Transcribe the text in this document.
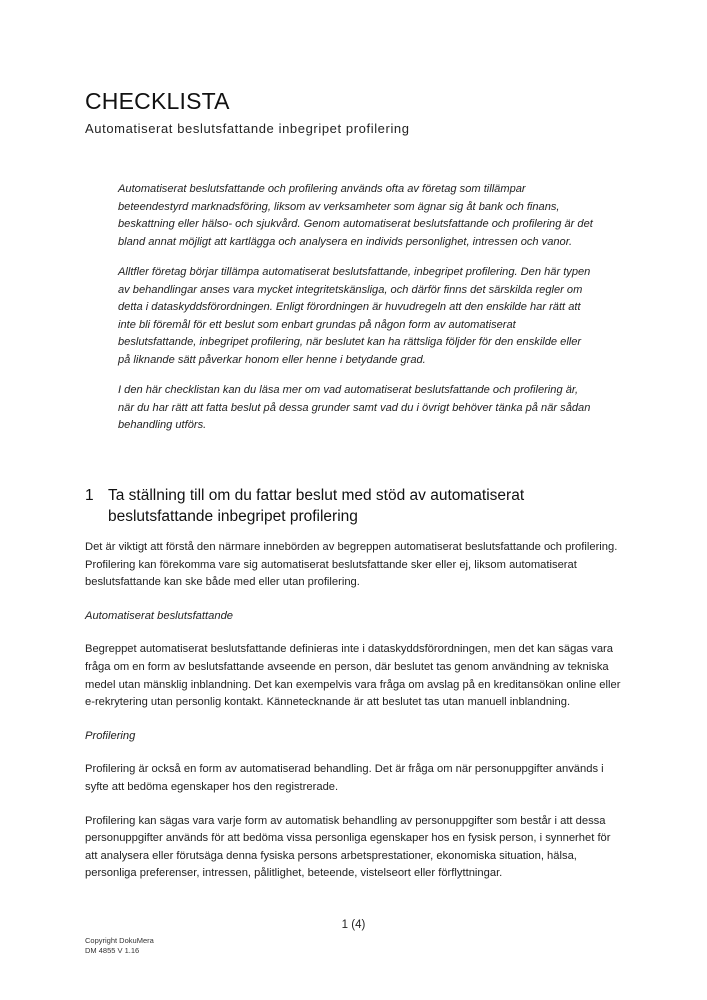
CHECKLISTA
Automatiserat beslutsfattande inbegripet profilering

Automatiserat beslutsfattande och profilering används ofta av företag som tillämpar beteendestyrd marknadsföring, liksom av verksamheter som ägnar sig åt bank och finans, beskattning eller hälso- och sjukvård. Genom automatiserat beslutsfattande och profilering är det bland annat möjligt att kartlägga och analysera en individs personlighet, intressen och vanor.

Alltfler företag börjar tillämpa automatiserat beslutsfattande, inbegripet profilering. Den här typen av behandlingar anses vara mycket integritetskänsliga, och därför finns det särskilda regler om detta i dataskyddsförordningen. Enligt förordningen är huvudregeln att den enskilde har rätt att inte bli föremål för ett beslut som enbart grundas på någon form av automatiserat beslutsfattande, inbegripet profilering, när beslutet kan ha rättsliga följder för den enskilde eller på liknande sätt påverkar honom eller henne i betydande grad.

I den här checklistan kan du läsa mer om vad automatiserat beslutsfattande och profilering är, när du har rätt att fatta beslut på dessa grunder samt vad du i övrigt behöver tänka på när sådan behandling utförs.

1 Ta ställning till om du fattar beslut med stöd av automatiserat beslutsfattande inbegripet profilering

Det är viktigt att förstå den närmare innebörden av begreppen automatiserat beslutsfattande och profilering. Profilering kan förekomma vare sig automatiserat beslutsfattande sker eller ej, liksom automatiserat beslutsfattande kan ske både med eller utan profilering.

Automatiserat beslutsfattande

Begreppet automatiserat beslutsfattande definieras inte i dataskyddsförordningen, men det kan sägas vara fråga om en form av beslutsfattande avseende en person, där beslutet tas genom användning av tekniska medel utan mänsklig inblandning. Det kan exempelvis vara fråga om avslag på en kreditansökan online eller e-rekrytering utan personlig kontakt. Kännetecknande är att beslutet tas utan manuell inblandning.

Profilering

Profilering är också en form av automatiserad behandling. Det är fråga om när personuppgifter används i syfte att bedöma egenskaper hos den registrerade.

Profilering kan sägas vara varje form av automatisk behandling av personuppgifter som består i att dessa personuppgifter används för att bedöma vissa personliga egenskaper hos en fysisk person, i synnerhet för att analysera eller förutsäga denna fysiska persons arbetsprestationer, ekonomiska situation, hälsa, personliga preferenser, intressen, pålitlighet, beteende, vistelseort eller förflyttningar.

1 (4)
Copyright DokuMera
DM 4855 V 1.16
